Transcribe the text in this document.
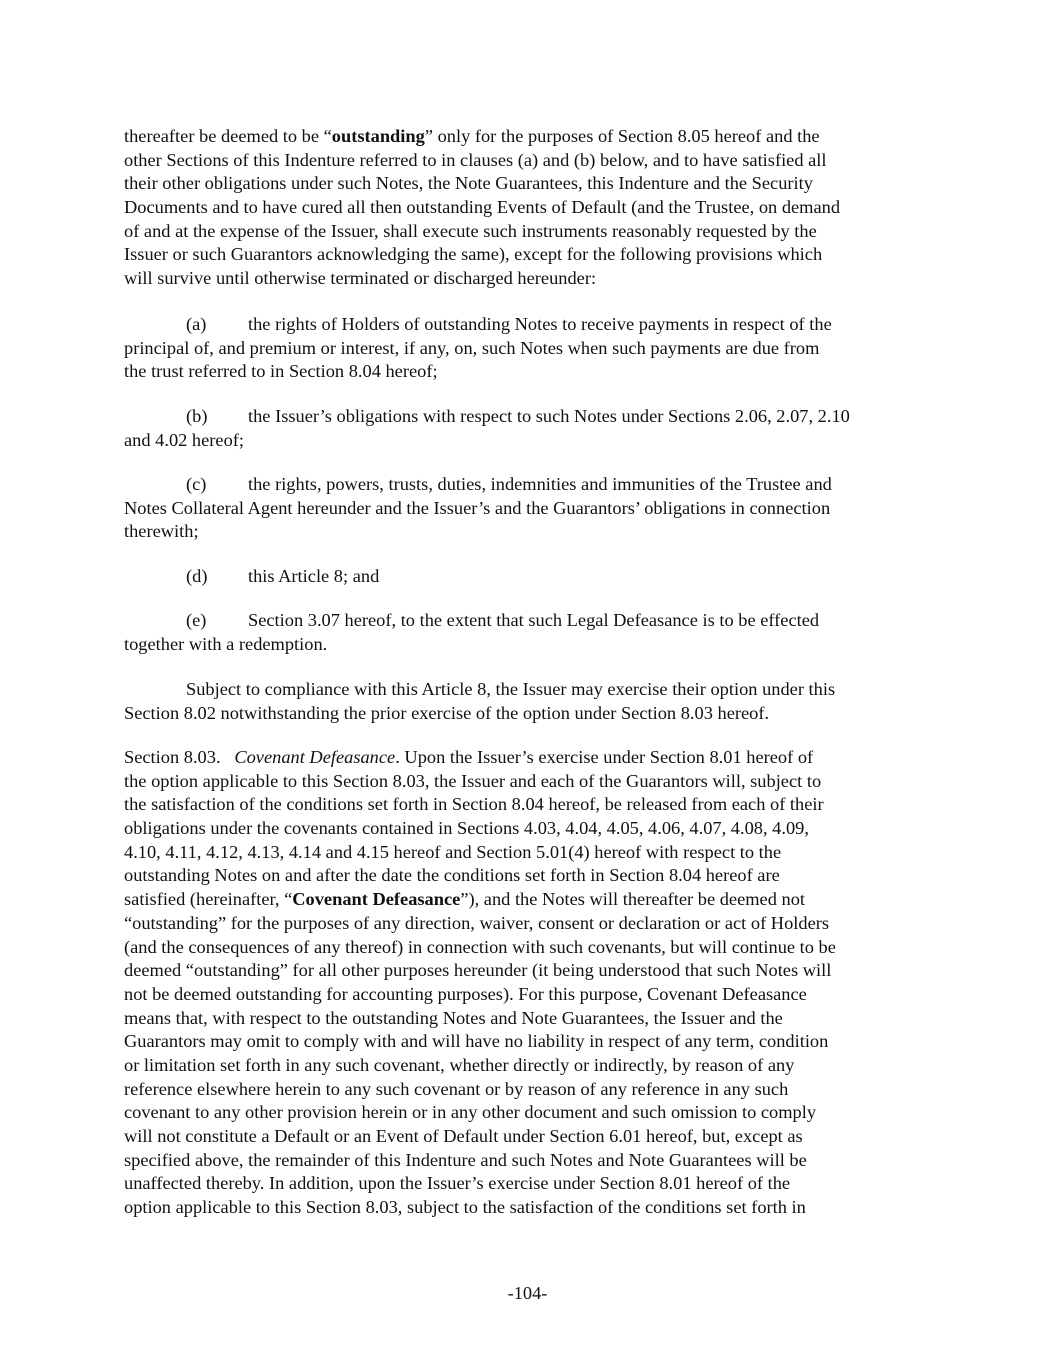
thereafter be deemed to be “outstanding” only for the purposes of Section 8.05 hereof and the
other Sections of this Indenture referred to in clauses (a) and (b) below, and to have satisfied all
their other obligations under such Notes, the Note Guarantees, this Indenture and the Security
Documents and to have cured all then outstanding Events of Default (and the Trustee, on demand
of and at the expense of the Issuer, shall execute such instruments reasonably requested by the
Issuer or such Guarantors acknowledging the same), except for the following provisions which
will survive until otherwise terminated or discharged hereunder:
(a) the rights of Holders of outstanding Notes to receive payments in respect of the
principal of, and premium or interest, if any, on, such Notes when such payments are due from
the trust referred to in Section 8.04 hereof;
(b) the Issuer’s obligations with respect to such Notes under Sections 2.06, 2.07, 2.10
and 4.02 hereof;
(c) the rights, powers, trusts, duties, indemnities and immunities of the Trustee and
Notes Collateral Agent hereunder and the Issuer’s and the Guarantors’ obligations in connection
therewith;
(d) this Article 8; and
(e) Section 3.07 hereof, to the extent that such Legal Defeasance is to be effected
together with a redemption.
Subject to compliance with this Article 8, the Issuer may exercise their option under this
Section 8.02 notwithstanding the prior exercise of the option under Section 8.03 hereof.
Section 8.03. Covenant Defeasance. Upon the Issuer’s exercise under Section 8.01 hereof of
the option applicable to this Section 8.03, the Issuer and each of the Guarantors will, subject to
the satisfaction of the conditions set forth in Section 8.04 hereof, be released from each of their
obligations under the covenants contained in Sections 4.03, 4.04, 4.05, 4.06, 4.07, 4.08, 4.09,
4.10, 4.11, 4.12, 4.13, 4.14 and 4.15 hereof and Section 5.01(4) hereof with respect to the
outstanding Notes on and after the date the conditions set forth in Section 8.04 hereof are
satisfied (hereinafter, “Covenant Defeasance”), and the Notes will thereafter be deemed not
“outstanding” for the purposes of any direction, waiver, consent or declaration or act of Holders
(and the consequences of any thereof) in connection with such covenants, but will continue to be
deemed “outstanding” for all other purposes hereunder (it being understood that such Notes will
not be deemed outstanding for accounting purposes). For this purpose, Covenant Defeasance
means that, with respect to the outstanding Notes and Note Guarantees, the Issuer and the
Guarantors may omit to comply with and will have no liability in respect of any term, condition
or limitation set forth in any such covenant, whether directly or indirectly, by reason of any
reference elsewhere herein to any such covenant or by reason of any reference in any such
covenant to any other provision herein or in any other document and such omission to comply
will not constitute a Default or an Event of Default under Section 6.01 hereof, but, except as
specified above, the remainder of this Indenture and such Notes and Note Guarantees will be
unaffected thereby. In addition, upon the Issuer’s exercise under Section 8.01 hereof of the
option applicable to this Section 8.03, subject to the satisfaction of the conditions set forth in
-104-
